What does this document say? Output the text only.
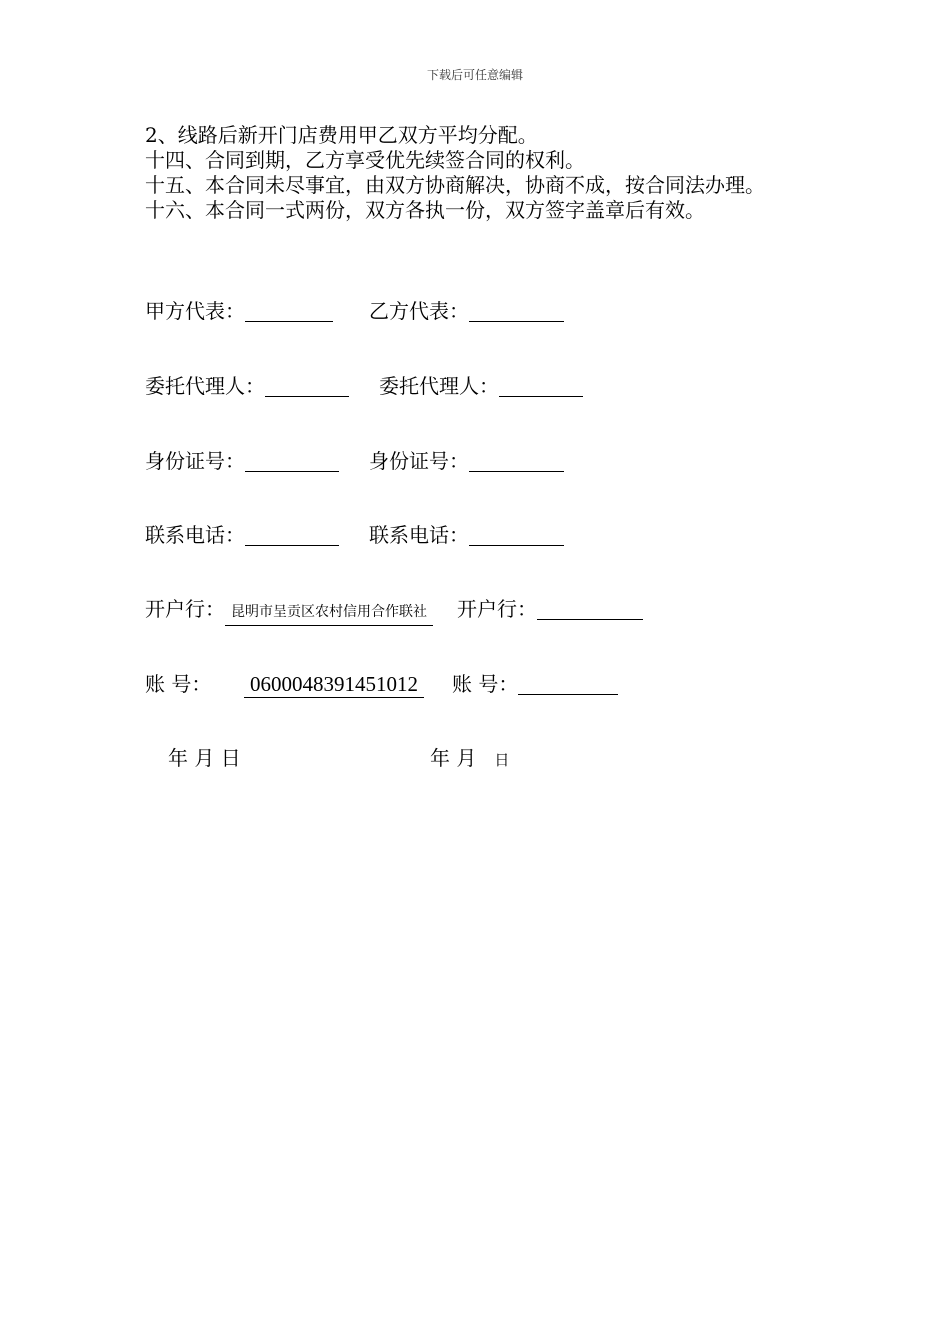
下载后可任意编辑

2、线路后新开门店费用甲乙双方平均分配。

十四、合同到期，乙方享受优先续签合同的权利。

十五、本合同未尽事宜，由双方协商解决，协商不成，按合同法办理。

十六、本合同一式两份，双方各执一份，双方签字盖章后有效。

甲方代表：	乙方代表：
委托代理人：	委托代理人：
身份证号：	身份证号：
联系电话：	联系电话：
开户行： 昆明市呈贡区农村信用合作联社	开户行：
账 号： 0600048391451012	账 号：
年 月 日	年 月 日
